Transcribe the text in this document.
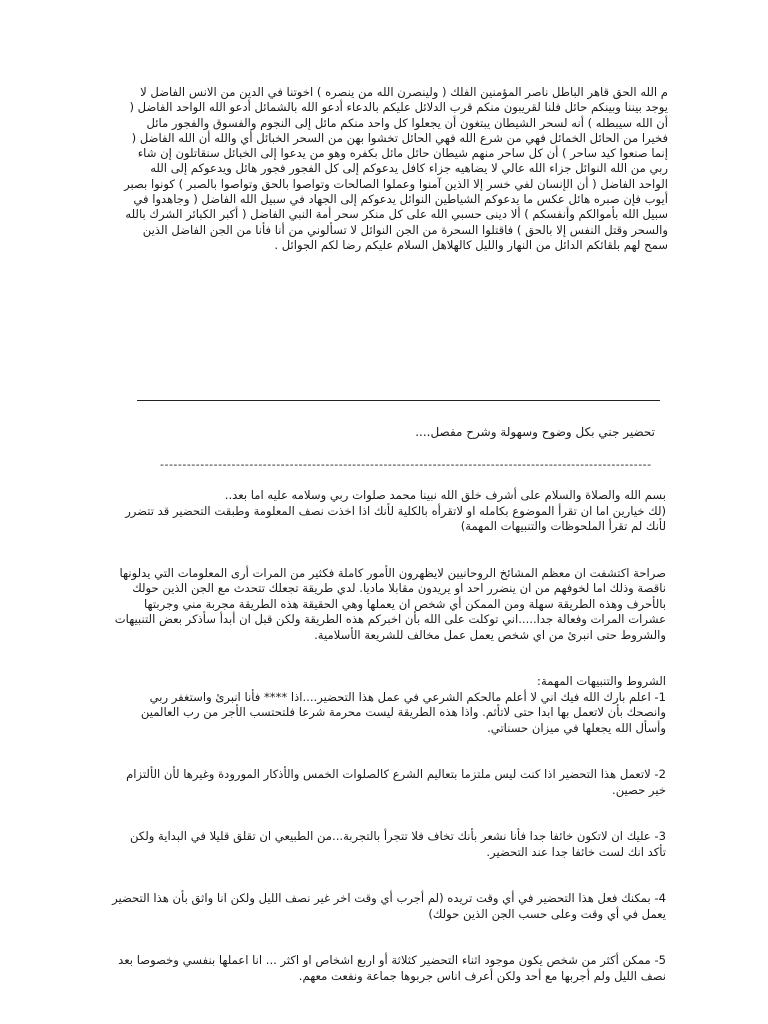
م الله الحق قاهر الباطل ناصر المؤمنين الفلك ( ولينصرن الله من ينصره ) اخوتنا في الدين من الانس الفاضل لا يوجد بيننا وبينكم حائل فلنا لقريبون منكم قرب الدلائل عليكم بالدعاء أدعو الله بالشمائل أدعو الله الواحد الفاضل ( أن الله سيبطله ) أنه لسحر الشيطان يبتغون أن يجعلوا كل واحد منكم مائل إلى النجوم والفسوق والفجور مائل فخيرا من الحائل الخمائل فهي من شرع الله فهي الحائل تخشوا بهن من السحر الخبائل أي والله أن الله الفاضل ( إنما صنعوا كيد ساحر ) أن كل ساحر منهم شيطان حائل مائل بكفره وهو من يدعوا إلى الخبائل سنقاتلون إن شاء ربي من الله النوائل جزاء الله عالي لا يضاهيه جزاء كافل يدعوكم إلى كل الفجور فجور هائل ويدعوكم إلى الله الواحد الفاضل ( أن الإنسان لفي خسر إلا الذين آمنوا وعملوا الصالحات وتواصوا بالحق وتواصوا بالصبر ) كونوا بصبر أيوب فإن صبره هائل عكس ما يدعوكم الشياطين النوائل يدعوكم إلى الجهاد في سبيل الله الفاضل ( وجاهدوا في سبيل الله بأموالكم وأنفسكم ) ألا دينى حسبي الله على كل منكر سحر أمة النبي الفاضل ( أكبر الكبائر الشرك بالله والسحر وقتل النفس إلا بالحق ) فاقتلوا السحرة من الجن النوائل لا تسألوني من أنا فأنا من الجن الفاضل الذين سمح لهم بلقائكم الدائل من النهار والليل كالهلاهل السلام عليكم رضا لكم الجوائل .

تحضير جني بكل وضوح وسهولة وشرح مفصل....
--------------------------------------------------------------------------------------------------------------

بسم الله والصلاة والسلام على أشرف خلق الله نبينا محمد صلوات ربي وسلامه عليه اما بعد..

(لك خيارين اما ان تقرأ الموضوع بكامله او لاتقرأه بالكلية لأنك اذا اخذت نصف المعلومة وطبقت التحضير قد تتضرر لأنك لم تقرأ الملحوظات والتنبيهات المهمة)

صراحة اكتشفت ان معظم المشائخ الروحانيين لايظهرون الأمور كاملة فكثير من المرات أرى المعلومات التي يدلونها ناقصة وذلك اما لخوفهم من ان ينضرر احد او يريدون مقابلا ماديا. لدي طريقة تجعلك تتحدث مع الجن الذين حولك بالأحرف وهذه الطريقة سهلة ومن الممكن أي شخص ان يعملها وهي الحقيقة هذه الطريقة مجربة مني وجربتها عشرات المرات وفعالة جدا.....اني توكلت على الله بأن اخبركم هذه الطريقة ولكن قبل ان أبدأ سأذكر بعض التنبيهات والشروط حتى انبرئ من اي شخص يعمل عمل مخالف للشريعة الأسلامية.

الشروط والتنبيهات المهمة:

1- اعلم بارك الله فيك اني لا أعلم مالحكم الشرعي في عمل هذا التحضير....اذا **** فأنا انبرئ واستغفر ربي وانصحك بأن لاتعمل بها ابدا حتى لاتأثم. واذا هذه الطريقة ليست محرمة شرعا فلتحتسب الأجر من رب العالمين وأسأل الله يجعلها في ميزان حسناتي.

2- لاتعمل هذا التحضير اذا كنت ليس ملتزما بتعاليم الشرع كالصلوات الخمس والأذكار المورودة وغيرها لأن الألتزام خير حصين.

3- عليك ان لاتكون خائفا جدا فأنا نشعر بأنك تخاف فلا تتجرأ بالتجربة...من الطبيعي ان تقلق قليلا في البداية ولكن تأكد انك لست خائفا جدا عند التحضير.

4- بمكنك فعل هذا التحضير في أي وقت تريده (لم أجرب أي وقت اخر غير نصف الليل ولكن انا واثق بأن هذا التحضير يعمل في أي وقت وعلى حسب الجن الذين حولك)

5- ممكن أكثر من شخص يكون موجود اثناء التحضير كثلاثة أو اربع اشخاص او اكثر ... انا اعملها بنفسي وخصوصا بعد نصف الليل ولم أجربها مع أحد ولكن أعرف اناس جربوها جماعة ونفعت معهم.
